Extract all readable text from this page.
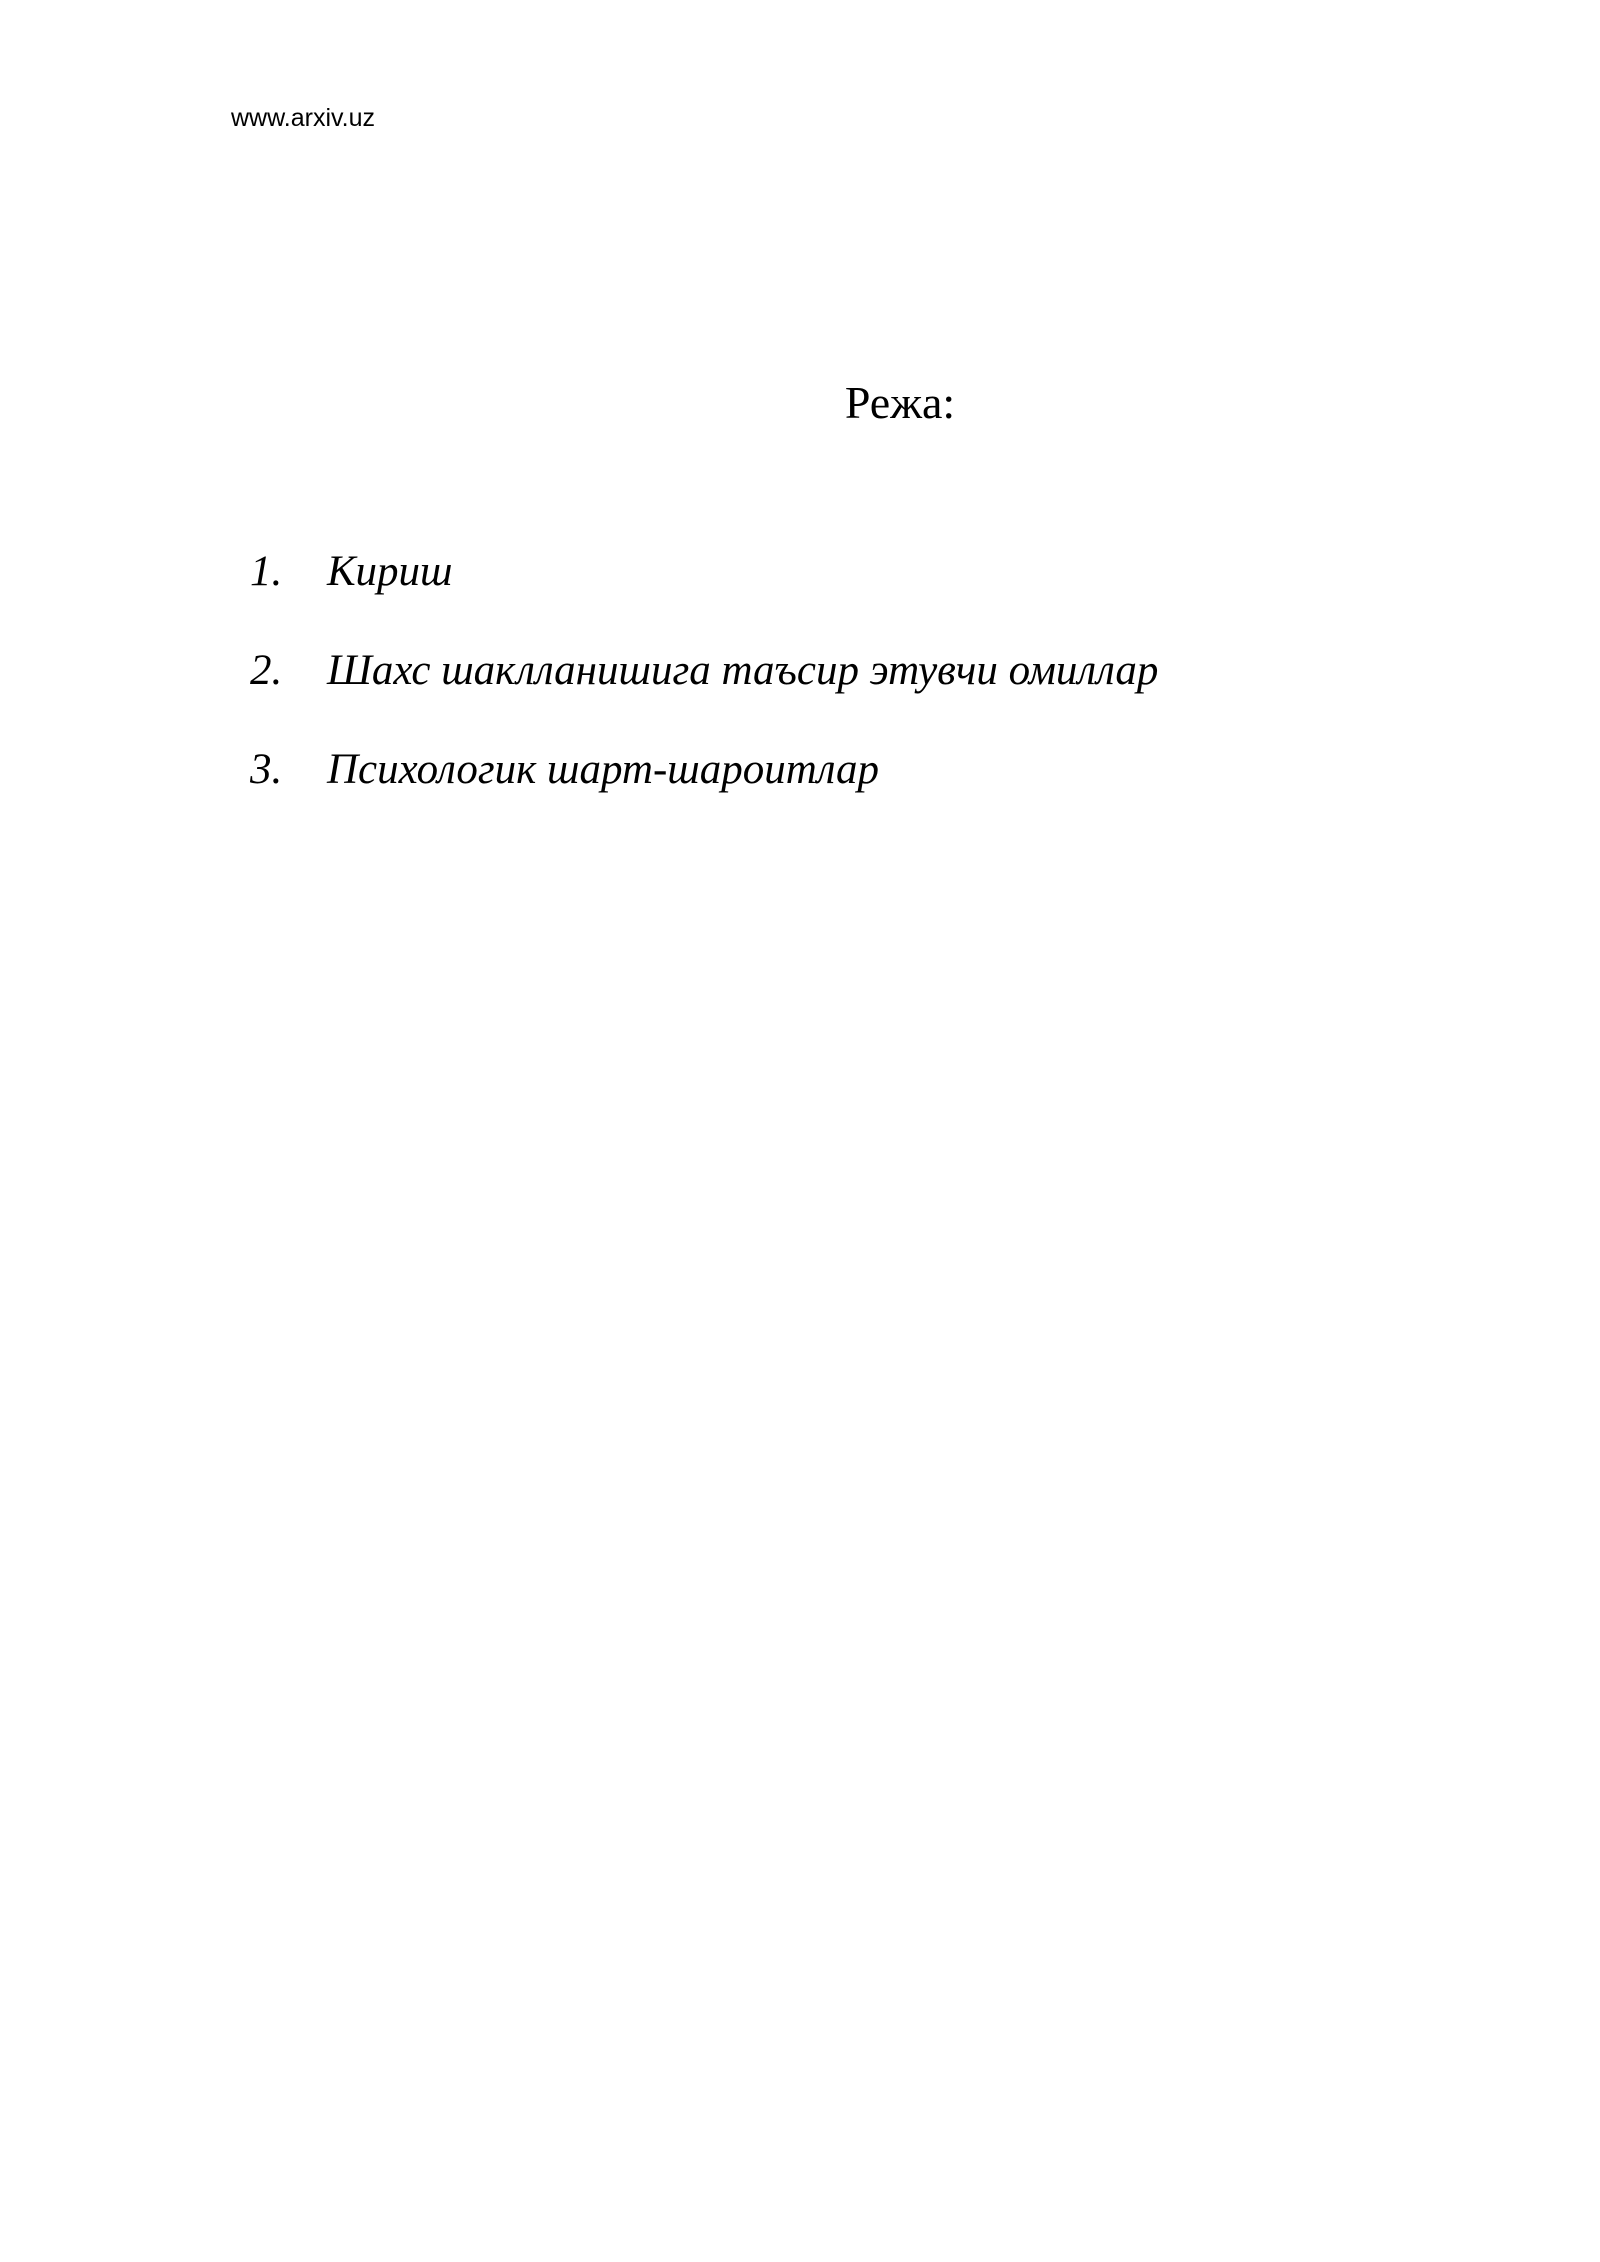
www.arxiv.uz
Режа:
1. Кириш
2. Шахс шаклланишига таъсир этувчи омиллар
3. Психологик шарт-шароитлар
